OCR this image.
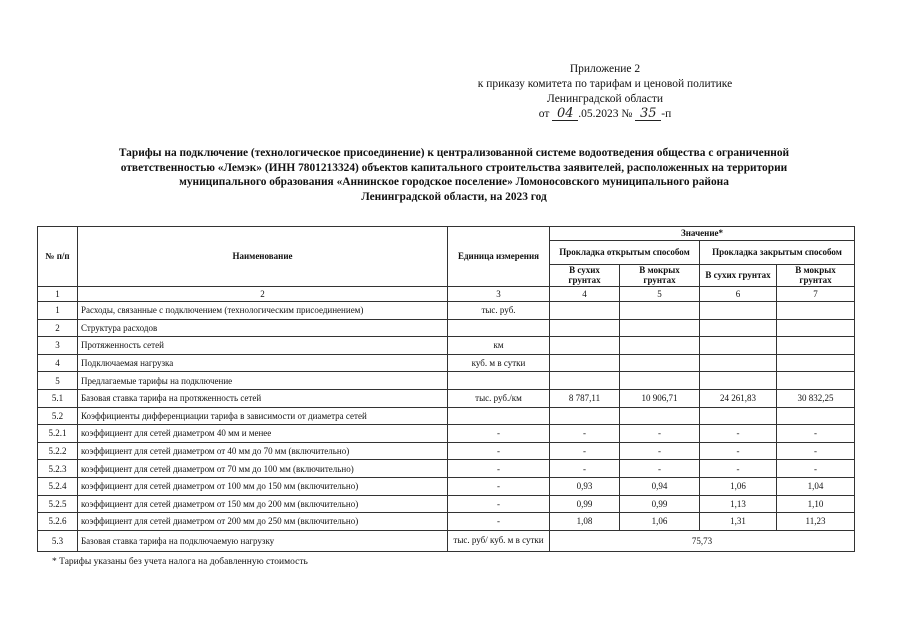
Приложение 2
к приказу комитета по тарифам и ценовой политике
Ленинградской области
от 04 .05.2023 № 35 -п
Тарифы на подключение (технологическое присоединение) к централизованной системе водоотведения общества с ограниченной
ответственностью «Лемэк» (ИНН 7801213324) объектов капитального строительства заявителей, расположенных на территории
муниципального образования «Аннинское городское поселение» Ломоносовского муниципального района
Ленинградской области, на 2023 год
№ п/п	Наименование	Единица измерения	Значение*			
			Прокладка открытым способом		Прокладка закрытым способом	
			В сухих грунтах	В мокрых грунтах	В сухих грунтах	В мокрых грунтах
1	2	3	4	5	6	7
1	Расходы, связанные с подключением (технологическим присоединением)	тыс. руб.				
2	Структура расходов					
3	Протяженность сетей	км				
4	Подключаемая нагрузка	куб. м в сутки				
5	Предлагаемые тарифы на подключение					
5.1	Базовая ставка тарифа на протяженность сетей	тыс. руб./км	8 787,11	10 906,71	24 261,83	30 832,25
5.2	Коэффициенты дифференциации тарифа в зависимости от диаметра сетей					
5.2.1	коэффициент для сетей диаметром 40 мм и менее	-	-	-	-	-
5.2.2	коэффициент для сетей диаметром от 40 мм до 70 мм (включительно)	-	-	-	-	-
5.2.3	коэффициент для сетей диаметром от 70 мм до 100 мм (включительно)	-	-	-	-	-
5.2.4	коэффициент для сетей диаметром от 100 мм до 150 мм (включительно)	-	0,93	0,94	1,06	1,04
5.2.5	коэффициент для сетей диаметром от 150 мм до 200 мм (включительно)	-	0,99	0,99	1,13	1,10
5.2.6	коэффициент для сетей диаметром от 200 мм до 250 мм (включительно)	-	1,08	1,06	1,31	11,23
5.3	Базовая ставка тарифа на подключаемую нагрузку	тыс. руб/ куб. м в сутки	75,73			
* Тарифы указаны без учета налога на добавленную стоимость
